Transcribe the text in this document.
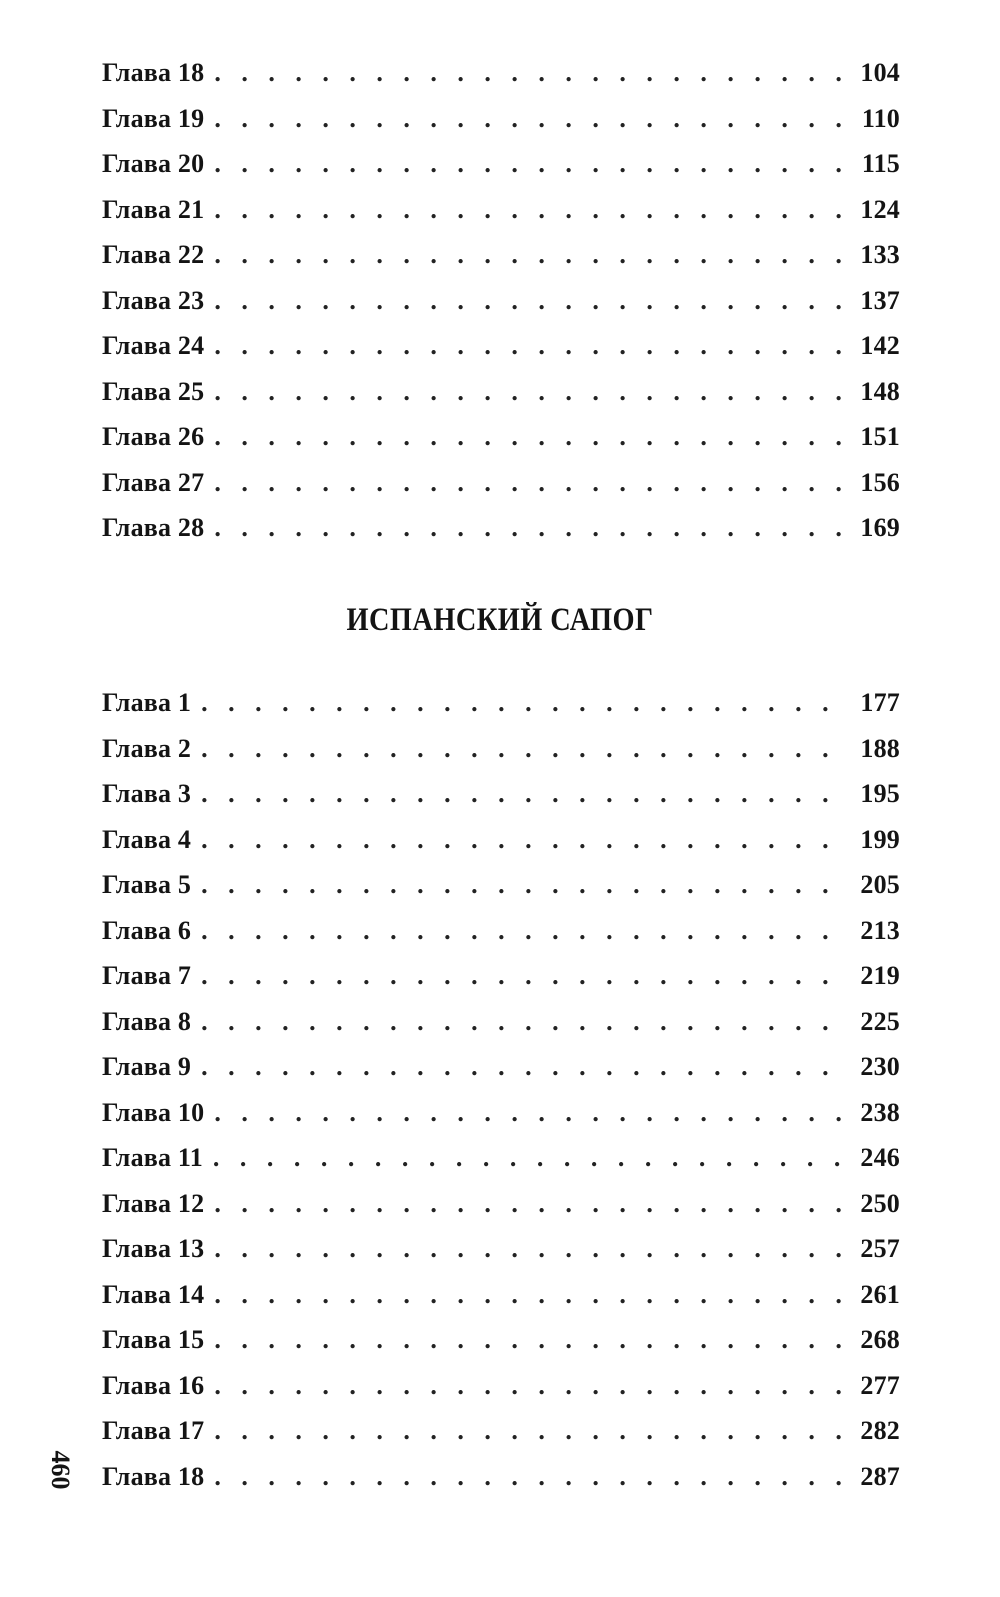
Глава 18 . . .	104
Глава 19 . . .	110
Глава 20 . . .	115
Глава 21 . . .	124
Глава 22 . . .	133
Глава 23 . . .	137
Глава 24 . . .	142
Глава 25 . . .	148
Глава 26 . . .	151
Глава 27 . . .	156
Глава 28 . . .	169
ИСПАНСКИЙ САПОГ
Глава 1 . . .	177
Глава 2 . . .	188
Глава 3 . . .	195
Глава 4 . . .	199
Глава 5 . . .	205
Глава 6 . . .	213
Глава 7 . . .	219
Глава 8 . . .	225
Глава 9 . . .	230
Глава 10 . . .	238
Глава 11 . . .	246
Глава 12 . . .	250
Глава 13 . . .	257
Глава 14 . . .	261
Глава 15 . . .	268
Глава 16 . . .	277
Глава 17 . . .	282
Глава 18 . . .	287
460
